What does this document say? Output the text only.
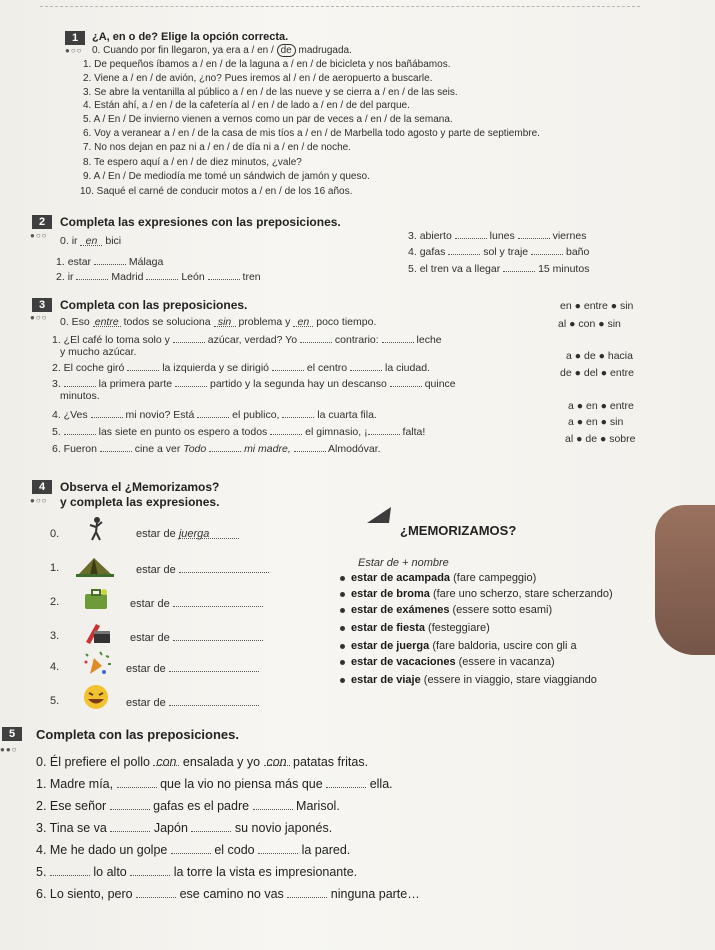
1
●○○
¿A, en o de? Elige la opción correcta.
0. Cuando por fin llegaron, ya era a / en / de madrugada.
1. De pequeños íbamos a / en / de la laguna a / en / de bicicleta y nos bañábamos.
2. Viene a / en / de avión, ¿no? Pues iremos al / en / de aeropuerto a buscarle.
3. Se abre la ventanilla al público a / en / de las nueve y se cierra a / en / de las seis.
4. Están ahí, a / en / de la cafetería al / en / de lado a / en / de del parque.
5. A / En / De invierno vienen a vernos como un par de veces a / en / de la semana.
6. Voy a veranear a / en / de la casa de mis tíos a / en / de Marbella todo agosto y parte de septiembre.
7. No nos dejan en paz ni a / en / de día ni a / en / de noche.
8. Te espero aquí a / en / de diez minutos, ¿vale?
9. A / En / De mediodía me tomé un sándwich de jamón y queso.
10. Saqué el carné de conducir motos a / en / de los 16 años.
2
●○○
Completa las expresiones con las preposiciones.
0. ir en bici
1. estar	Málaga
2. ir	Madrid	León	tren
3. abierto	lunes	viernes
4. gafas	sol y traje	baño
5. el tren va a llegar	15 minutos
3
●○○
Completa con las preposiciones.
0. Eso entre todos se soluciona sin problema y en poco tiempo.
1. ¿El café lo toma solo y	azúcar, verdad? Yo	contrario:	leche
y mucho azúcar.
2. El coche giró	la izquierda y se dirigió	el centro	la ciudad.
3.	la primera parte	partido y la segunda hay un descanso	quince
minutos.
4. ¿Ves	mi novio? Está	el publico,	la cuarta fila.
5.	las siete en punto os espero a todos	el gimnasio, ¡	falta!
6. Fueron	cine a ver Todo	mi madre,	Almodóvar.
en ● entre ● sin
al ● con ● sin
a ● de ● hacia
de ● del ● entre
a ● en ● entre
a ● en ● sin
al ● de ● sobre
4
●○○
Observa el ¿Memorizamos?
y completa las expresiones.
0.	estar de juerga
1.	estar de
2.	estar de
3.	estar de
4.	estar de
5.	estar de
¿MEMORIZAMOS?
Estar de + nombre
estar de acampada (fare campeggio)
estar de broma (fare uno scherzo, stare scherzando)
estar de exámenes (essere sotto esami)
estar de fiesta (festeggiare)
estar de juerga (fare baldoria, uscire con gli a
estar de vacaciones (essere in vacanza)
estar de viaje (essere in viaggio, stare viaggiando
5
●●○
Completa con las preposiciones.
0. Él prefiere el pollo con ensalada y yo con patatas fritas.
1. Madre mía,	que la vio no piensa más que	ella.
2. Ese señor	gafas es el padre	Marisol.
3. Tina se va	Japón	su novio japonés.
4. Me he dado un golpe	el codo	la pared.
5.	lo alto	la torre la vista es impresionante.
6. Lo siento, pero	ese camino no vas	ninguna parte…
